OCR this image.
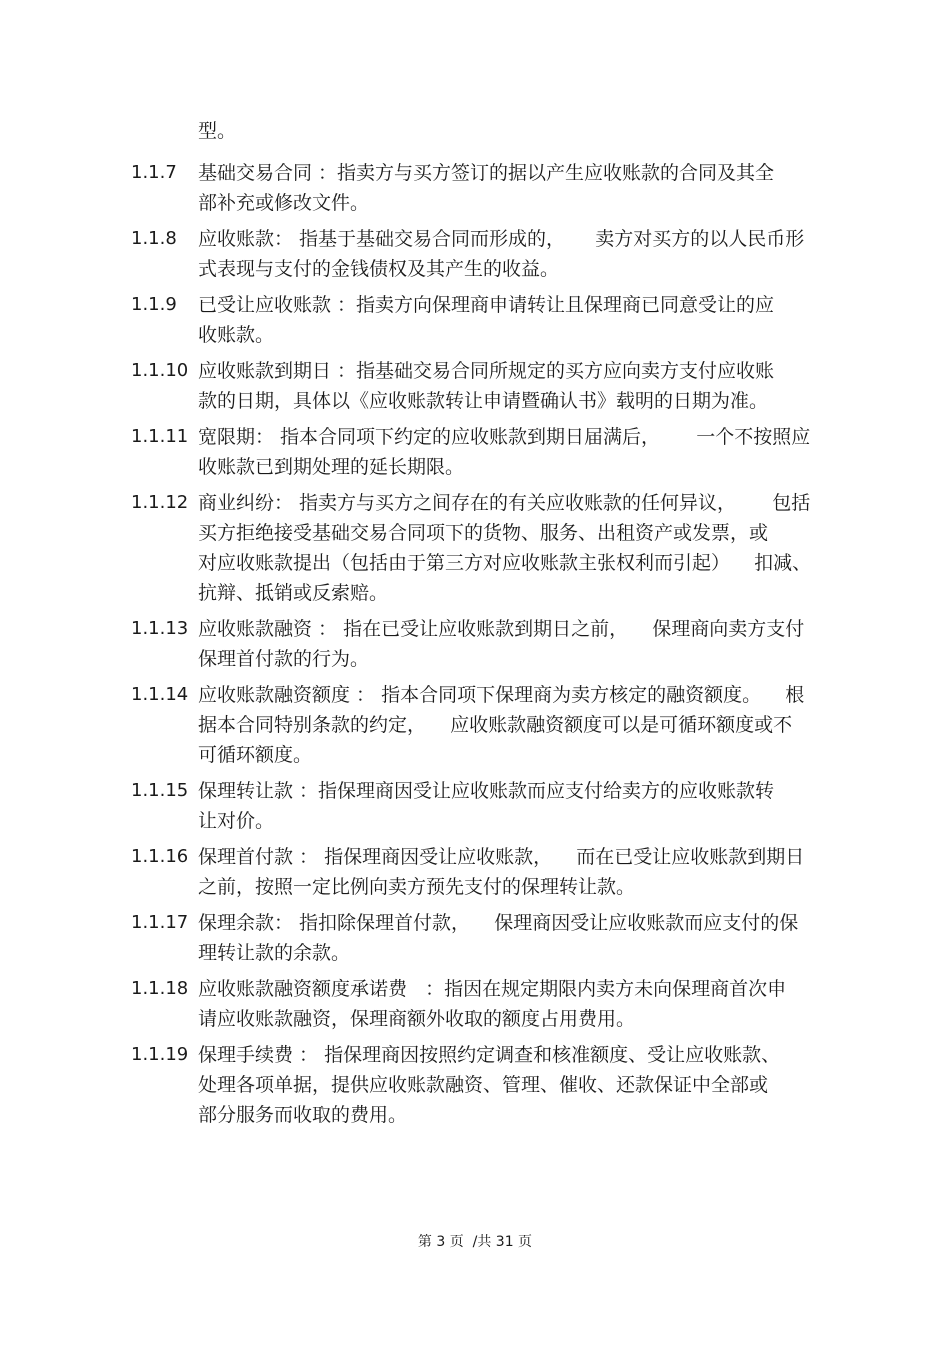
型。
1.1.7	基础交易合同 ：指卖方与买方签订的据以产生应收账款的合同及其全
部补充或修改文件。
1.1.8	应收账款： 指基于基础交易合同而形成的，     卖方对买方的以人民币形
式表现与支付的金钱债权及其产生的收益。
1.1.9	已受让应收账款 ：指卖方向保理商申请转让且保理商已同意受让的应
收账款。
1.1.10 应收账款到期日 ：指基础交易合同所规定的买方应向卖方支付应收账
款的日期，具体以《应收账款转让申请暨确认书》载明的日期为准。
1.1.11 宽限期： 指本合同项下约定的应收账款到期日届满后，      一个不按照应
收账款已到期处理的延长期限。
1.1.12 商业纠纷： 指卖方与买方之间存在的有关应收账款的任何异议，      包括
买方拒绝接受基础交易合同项下的货物、服务、出租资产或发票，或
对应收账款提出（包括由于第三方对应收账款主张权利而引起）    扣减、
抗辩、抵销或反索赔。
1.1.13 应收账款融资 ： 指在已受让应收账款到期日之前，    保理商向卖方支付
保理首付款的行为。
1.1.14 应收账款融资额度 ： 指本合同项下保理商为卖方核定的融资额度。    根
据本合同特别条款的约定，    应收账款融资额度可以是可循环额度或不
可循环额度。
1.1.15 保理转让款 ：指保理商因受让应收账款而应支付给卖方的应收账款转
让对价。
1.1.16 保理首付款 ： 指保理商因受让应收账款，    而在已受让应收账款到期日
之前，按照一定比例向卖方预先支付的保理转让款。
1.1.17 保理余款： 指扣除保理首付款，    保理商因受让应收账款而应支付的保
理转让款的余款。
1.1.18 应收账款融资额度承诺费   ：指因在规定期限内卖方未向保理商首次申
请应收账款融资，保理商额外收取的额度占用费用。
1.1.19 保理手续费 ： 指保理商因按照约定调查和核准额度、受让应收账款、
处理各项单据，提供应收账款融资、管理、催收、还款保证中全部或
部分服务而收取的费用。
第 3 页  /共 31 页
